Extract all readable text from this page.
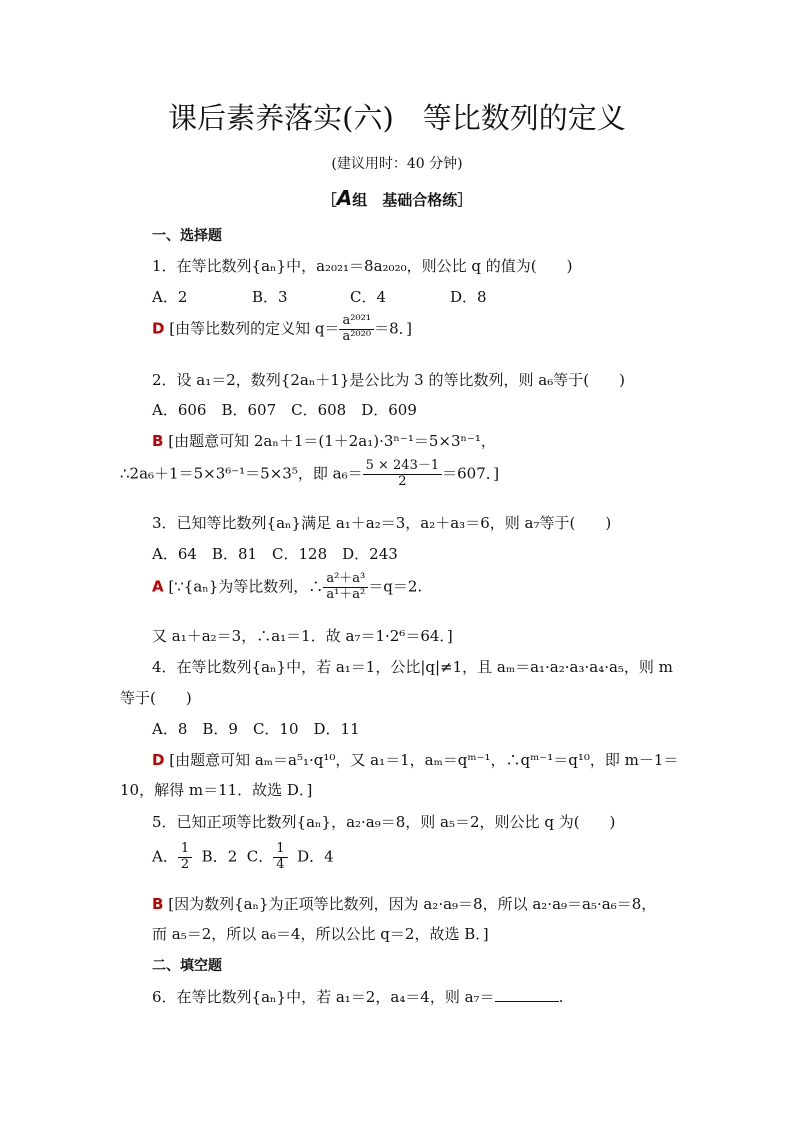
课后素养落实(六)　等比数列的定义
(建议用时：40 分钟)
［A组　基础合格练］
一、选择题
1．在等比数列{aₙ}中，a₂₀₂₁＝8a₂₀₂₀，则公比 q 的值为(　　)
A．2	B．3	C．4	D．8
D [由等比数列的定义知 $q= \frac{\text{a²⁰²¹}}{\text{a²⁰²⁰}} =8$．]
2．设 a₁＝2，数列{2aₙ＋1}是公比为 3 的等比数列，则 a₆等于(　　)
A．606　B．607　C．608　D．609
B [由题意可知 2aₙ＋1＝(1＋2a₁)·3ⁿ⁻¹＝5×3ⁿ⁻¹，
∴2a₆＋1＝5×3⁶⁻¹＝5×3⁵，即 $a_6= \frac{5 \times 243-1}{2} =607$．]
3．已知等比数列{aₙ}满足 a₁＋a₂＝3，a₂＋a₃＝6，则 a₇等于(　　)
A．64　B．81　C．128　D．243
A [∵{aₙ}为等比数列，∴ $\frac{\text{a²＋a³}}{\text{a¹＋a²}} =q=2$.
又 a₁＋a₂＝3，∴a₁＝1．故 a₇＝1·2⁶＝64．]
4．在等比数列{aₙ}中，若 a₁＝1，公比|q|≠1，且 aₘ＝a₁·a₂·a₃·a₄·a₅，则 m
等于(　　)
A．8　B．9　C．10　D．11
D [由题意可知 aₘ＝a⁵₁·q¹⁰，又 a₁＝1，aₘ＝qᵐ⁻¹，∴qᵐ⁻¹＝q¹⁰，即 m－1＝
10，解得 m＝11．故选 D．]
5．已知正项等比数列{aₙ}，a₂·a₉＝8，则 a₅＝2，则公比 q 为(　　)
A． $\frac{1}{2}$ B．2 C． $\frac{1}{4}$ D．4
B [因为数列{aₙ}为正项等比数列，因为 a₂·a₉＝8，所以 a₂·a₉＝a₅·a₆＝8，
而 a₅＝2，所以 a₆＝4，所以公比 q＝2，故选 B．]
二、填空题
6．在等比数列{aₙ}中，若 a₁＝2，a₄＝4，则 a₇＝	.
